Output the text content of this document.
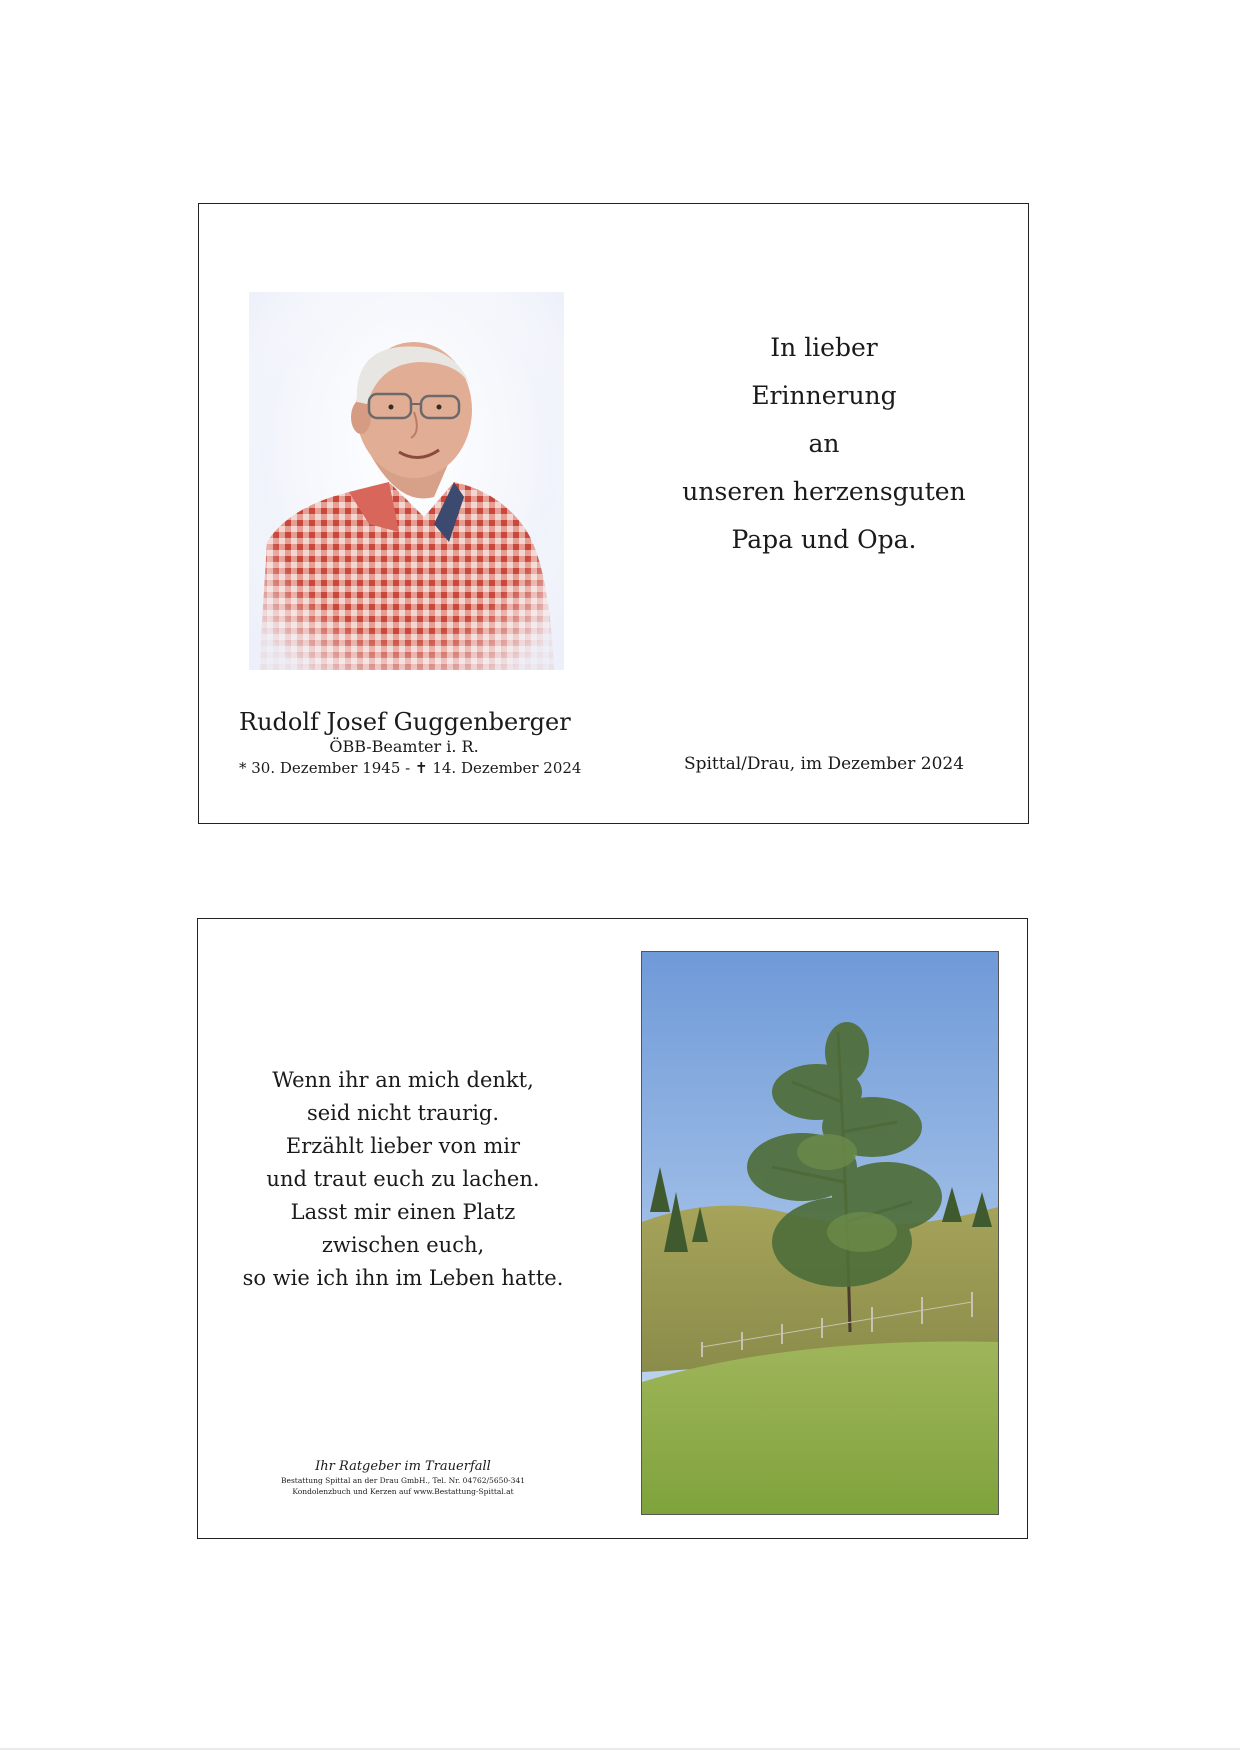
In lieber
Erinnerung
an
unseren herzensguten
Papa und Opa.
Rudolf Josef Guggenberger
ÖBB-Beamter i. R.
* 30. Dezember 1945 - ✝ 14. Dezember 2024	Spittal/Drau, im Dezember 2024
Wenn ihr an mich denkt,
seid nicht traurig.
Erzählt lieber von mir
und traut euch zu lachen.
Lasst mir einen Platz
zwischen euch,
so wie ich ihn im Leben hatte.
Ihr Ratgeber im Trauerfall
Bestattung Spittal an der Drau GmbH., Tel. Nr. 04762/5650-341
Kondolenzbuch und Kerzen auf www.Bestattung-Spittal.at
